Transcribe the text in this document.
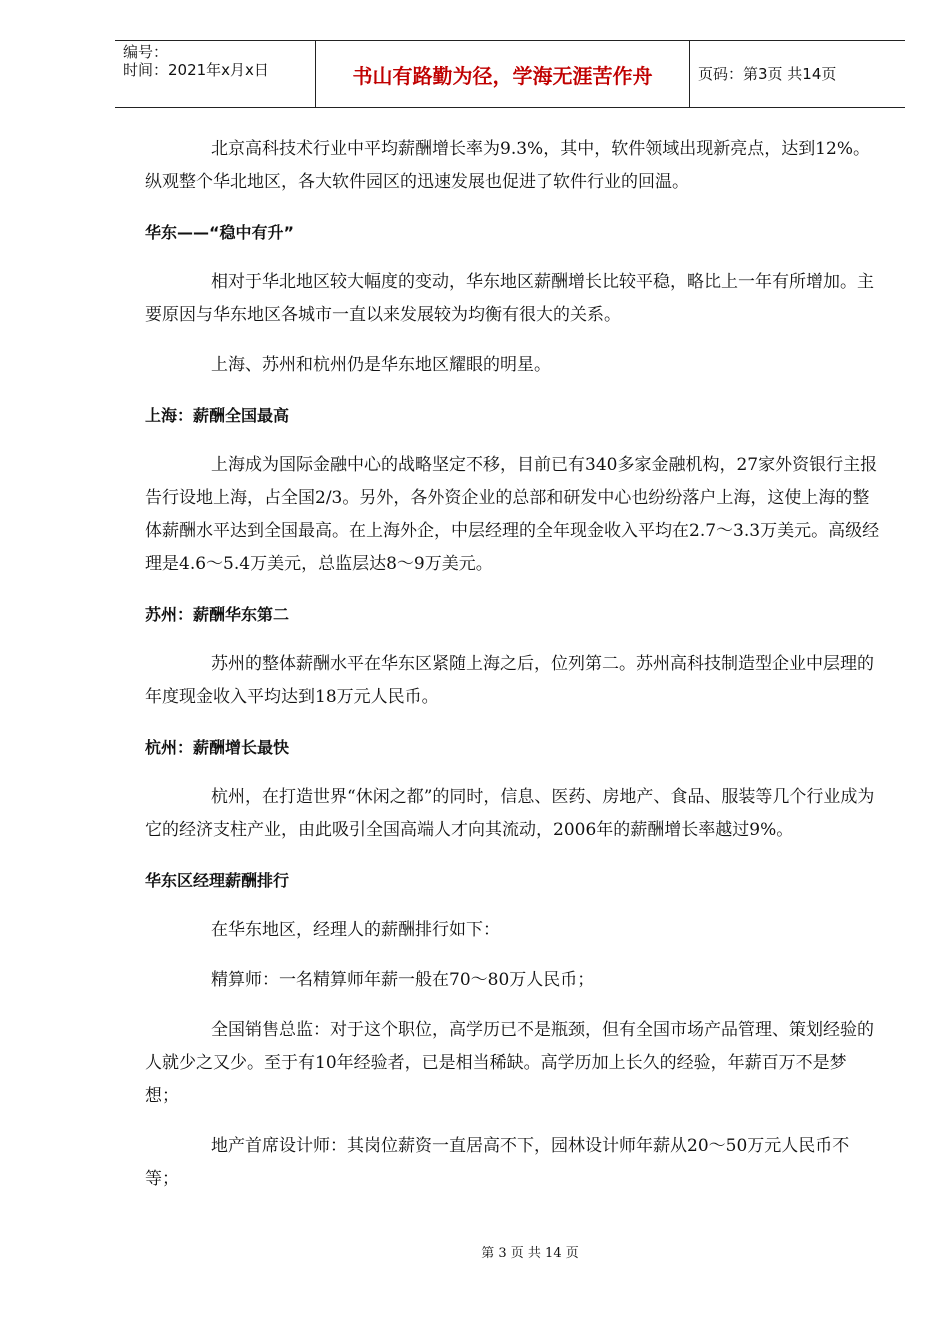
编号：
时间：2021年x月x日	书山有路勤为径，学海无涯苦作舟	页码：第3页 共14页

北京高科技术行业中平均薪酬增长率为9.3%，其中，软件领域出现新亮点，达到12%。纵观整个华北地区，各大软件园区的迅速发展也促进了软件行业的回温。

华东——“稳中有升”

相对于华北地区较大幅度的变动，华东地区薪酬增长比较平稳，略比上一年有所增加。主要原因与华东地区各城市一直以来发展较为均衡有很大的关系。

上海、苏州和杭州仍是华东地区耀眼的明星。

上海：薪酬全国最高

上海成为国际金融中心的战略坚定不移，目前已有340多家金融机构，27家外资银行主报告行设地上海，占全国2/3。另外，各外资企业的总部和研发中心也纷纷落户上海，这使上海的整体薪酬水平达到全国最高。在上海外企，中层经理的全年现金收入平均在2.7～3.3万美元。高级经理是4.6～5.4万美元，总监层达8～9万美元。

苏州：薪酬华东第二

苏州的整体薪酬水平在华东区紧随上海之后，位列第二。苏州高科技制造型企业中层理的年度现金收入平均达到18万元人民币。

杭州：薪酬增长最快

杭州，在打造世界“休闲之都”的同时，信息、医药、房地产、食品、服装等几个行业成为它的经济支柱产业，由此吸引全国高端人才向其流动，2006年的薪酬增长率越过9%。

华东区经理薪酬排行

在华东地区，经理人的薪酬排行如下：

精算师：一名精算师年薪一般在70～80万人民币；

全国销售总监：对于这个职位，高学历已不是瓶颈，但有全国市场产品管理、策划经验的人就少之又少。至于有10年经验者，已是相当稀缺。高学历加上长久的经验，年薪百万不是梦想；

地产首席设计师：其岗位薪资一直居高不下，园林设计师年薪从20～50万元人民币不等；

第 3 页 共 14 页
